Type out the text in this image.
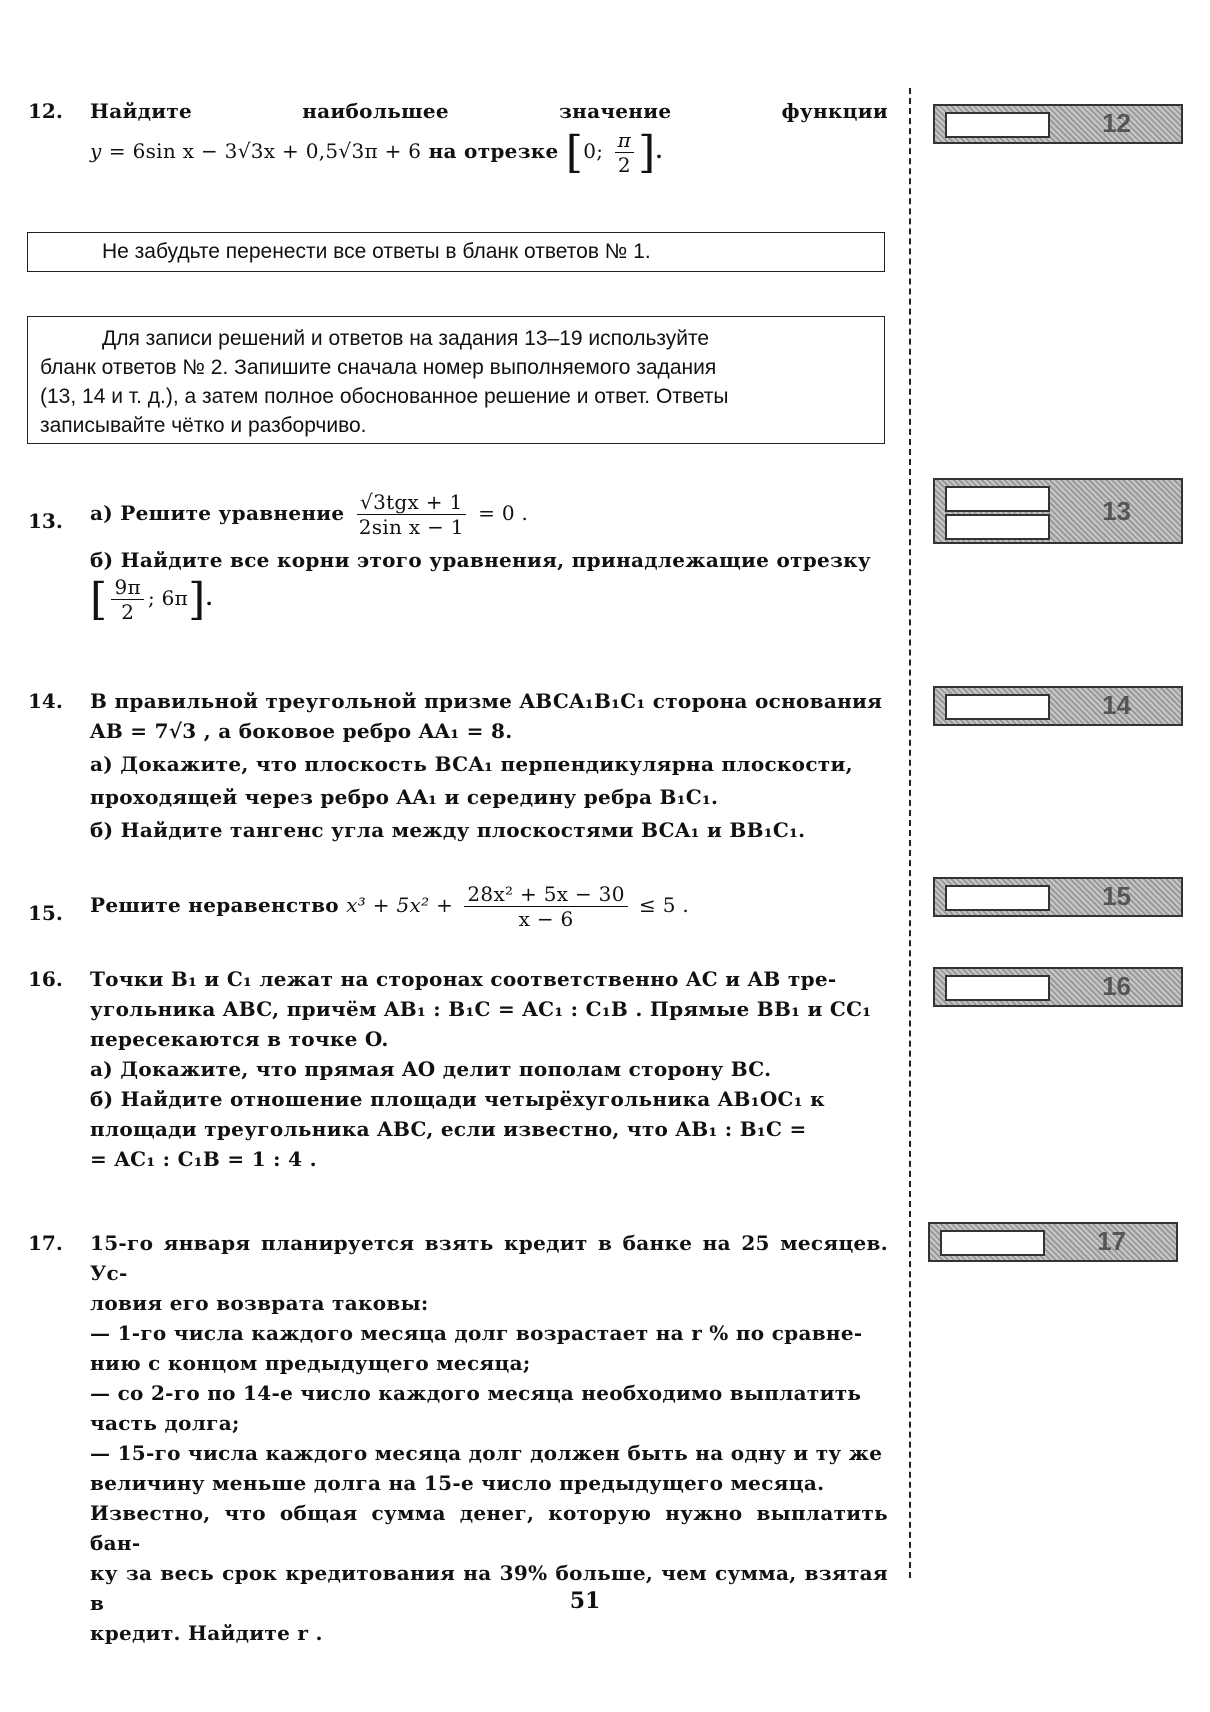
12. Найдите	наибольшее	значение	функции
y = 6sin x − 3√3x + 0,5√3π + 6 на отрезке [0; $\frac{\pi}{2}$ ].
12
Не забудьте перенести все ответы в бланк ответов № 1.
Для записи решений и ответов на задания 13–19 используйте
бланк ответов № 2. Запишите сначала номер выполняемого задания
(13, 14 и т. д.), а затем полное обоснованное решение и ответ. Ответы
записывайте чётко и разборчиво.
13. а) Решите уравнение $\frac{\text{√3tgx + 1}}{\text{2sin x − 1}} = 0$ .
б) Найдите все корни этого уравнения, принадлежащие отрезку
[ $\frac{9\pi}{2}$ ; 6π].
13
14. В правильной треугольной призме ABCA₁B₁C₁ сторона основания
AB = 7√3 , а боковое ребро AA₁ = 8.
а) Докажите, что плоскость BCA₁ перпендикулярна плоскости,
проходящей через ребро AA₁ и середину ребра B₁C₁.
б) Найдите тангенс угла между плоскостями BCA₁ и BB₁C₁.
14
15. Решите неравенство $x^3 + 5x^2 + \frac{\text{28x² + 5x − 30}}{x - 6} \le 5$ .	15
16. Точки B₁ и C₁ лежат на сторонах соответственно AC и AB тре-
угольника ABC, причём AB₁ : B₁C = AC₁ : C₁B . Прямые BB₁ и CC₁
пересекаются в точке O.
а) Докажите, что прямая AO делит пополам сторону BC.
б) Найдите отношение площади четырёхугольника AB₁OC₁ к
площади треугольника ABC, если известно, что AB₁ : B₁C =
= AC₁ : C₁B = 1 : 4 .
16
17. 15-го января планируется взять кредит в банке на 25 месяцев. Ус-
ловия его возврата таковы:
— 1-го числа каждого месяца долг возрастает на r % по сравне-
нию с концом предыдущего месяца;
— со 2-го по 14-е число каждого месяца необходимо выплатить
часть долга;
— 15-го числа каждого месяца долг должен быть на одну и ту же
величину меньше долга на 15-е число предыдущего месяца.
Известно, что общая сумма денег, которую нужно выплатить бан-
ку за весь срок кредитования на 39% больше, чем сумма, взятая в
кредит. Найдите r .
17
51
